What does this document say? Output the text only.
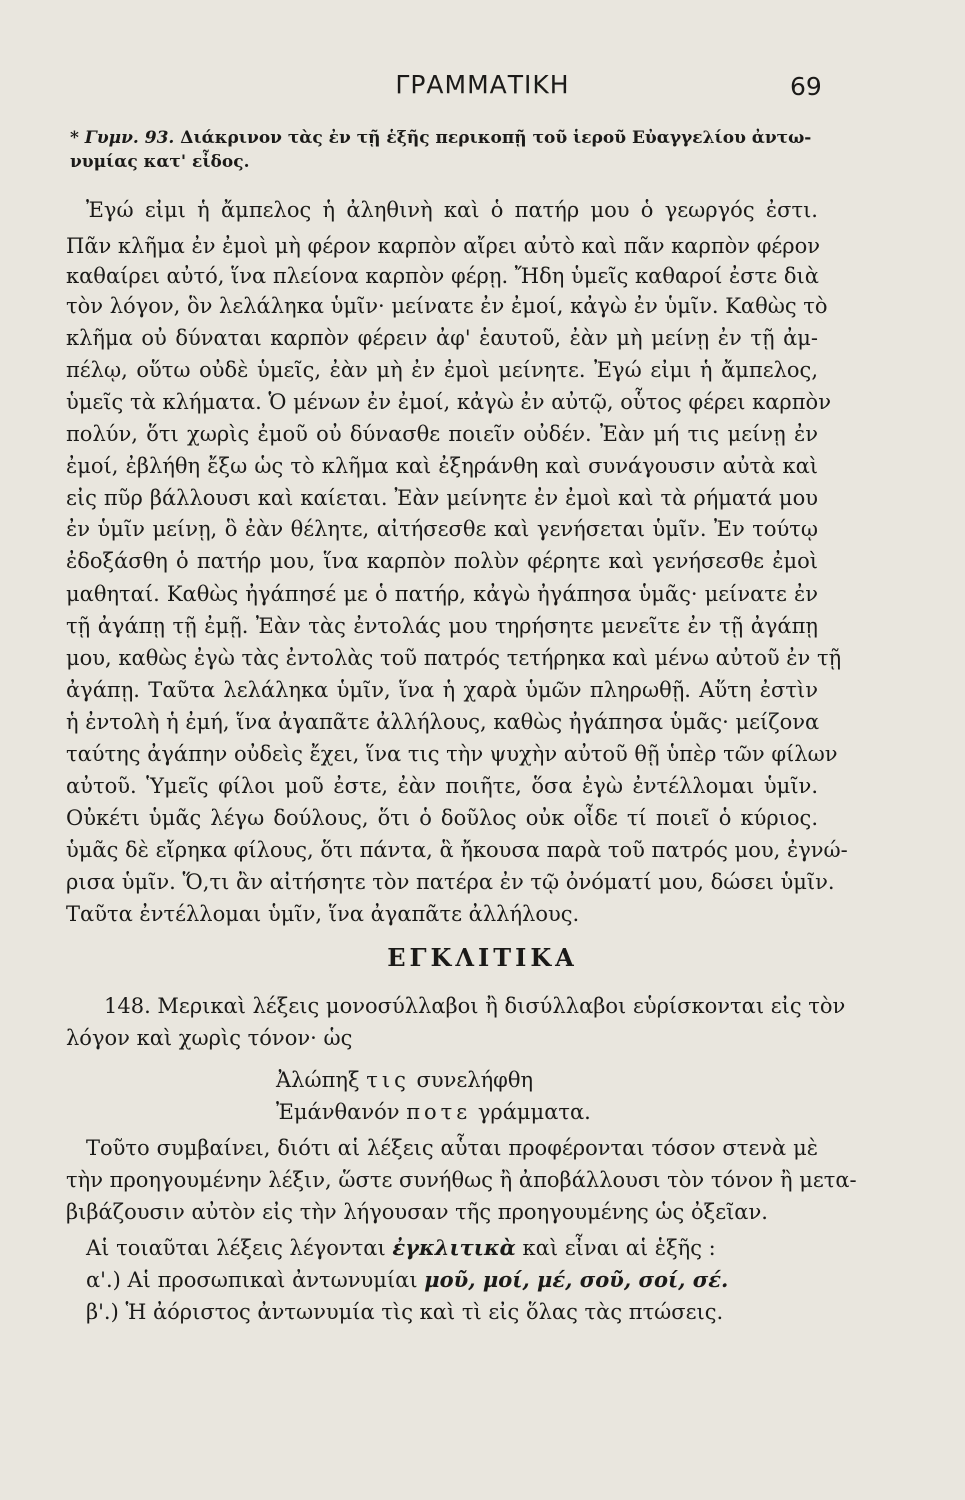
ΓΡΑΜΜΑΤΙΚΗ	69
* Γυμν. 93. Διάκρινον τὰς ἐν τῇ ἑξῆς περικοπῇ τοῦ ἱεροῦ Εὐαγγελίου ἀντω-
νυμίας κατ' εἶδος.
Ἐγώ εἰμι ἡ ἄμπελος ἡ ἀληθινὴ καὶ ὁ πατήρ μου ὁ γεωργός ἐστι.
Πᾶν κλῆμα ἐν ἐμοὶ μὴ φέρον καρπὸν αἴρει αὐτὸ καὶ πᾶν καρπὸν φέρον
καθαίρει αὐτό, ἵνα πλείονα καρπὸν φέρῃ. Ἤδη ὑμεῖς καθαροί ἐστε διὰ
τὸν λόγον, ὃν λελάληκα ὑμῖν· μείνατε ἐν ἐμοί, κἀγὼ ἐν ὑμῖν. Καθὼς τὸ
κλῆμα οὐ δύναται καρπὸν φέρειν ἀφ' ἑαυτοῦ, ἐὰν μὴ μείνῃ ἐν τῇ ἀμ-
πέλῳ, οὕτω οὐδὲ ὑμεῖς, ἐὰν μὴ ἐν ἐμοὶ μείνητε. Ἐγώ εἰμι ἡ ἄμπελος,
ὑμεῖς τὰ κλήματα. Ὁ μένων ἐν ἐμοί, κἀγὼ ἐν αὐτῷ, οὗτος φέρει καρπὸν
πολύν, ὅτι χωρὶς ἐμοῦ οὐ δύνασθε ποιεῖν οὐδέν. Ἐὰν μή τις μείνῃ ἐν
ἐμοί, ἐβλήθη ἔξω ὡς τὸ κλῆμα καὶ ἐξηράνθη καὶ συνάγουσιν αὐτὰ καὶ
εἰς πῦρ βάλλουσι καὶ καίεται. Ἐὰν μείνητε ἐν ἐμοὶ καὶ τὰ ρήματά μου
ἐν ὑμῖν μείνῃ, ὃ ἐὰν θέλητε, αἰτήσεσθε καὶ γενήσεται ὑμῖν. Ἐν τούτῳ
ἐδοξάσθη ὁ πατήρ μου, ἵνα καρπὸν πολὺν φέρητε καὶ γενήσεσθε ἐμοὶ
μαθηταί. Καθὼς ἠγάπησέ με ὁ πατήρ, κἀγὼ ἠγάπησα ὑμᾶς· μείνατε ἐν
τῇ ἀγάπῃ τῇ ἐμῇ. Ἐὰν τὰς ἐντολάς μου τηρήσητε μενεῖτε ἐν τῇ ἀγάπῃ
μου, καθὼς ἐγὼ τὰς ἐντολὰς τοῦ πατρός τετήρηκα καὶ μένω αὐτοῦ ἐν τῇ
ἀγάπῃ. Ταῦτα λελάληκα ὑμῖν, ἵνα ἡ χαρὰ ὑμῶν πληρωθῇ. Αὕτη ἐστὶν
ἡ ἐντολὴ ἡ ἐμή, ἵνα ἀγαπᾶτε ἀλλήλους, καθὼς ἠγάπησα ὑμᾶς· μείζονα
ταύτης ἀγάπην οὐδεὶς ἔχει, ἵνα τις τὴν ψυχὴν αὐτοῦ θῇ ὑπὲρ τῶν φίλων
αὐτοῦ. Ὑμεῖς φίλοι μοῦ ἐστε, ἐὰν ποιῆτε, ὅσα ἐγὼ ἐντέλλομαι ὑμῖν.
Οὐκέτι ὑμᾶς λέγω δούλους, ὅτι ὁ δοῦλος οὐκ οἶδε τί ποιεῖ ὁ κύριος.
ὑμᾶς δὲ εἴρηκα φίλους, ὅτι πάντα, ἃ ἤκουσα παρὰ τοῦ πατρός μου, ἐγνώ-
ρισα ὑμῖν. Ὅ,τι ἂν αἰτήσητε τὸν πατέρα ἐν τῷ ὀνόματί μου, δώσει ὑμῖν.
Ταῦτα ἐντέλλομαι ὑμῖν, ἵνα ἀγαπᾶτε ἀλλήλους.
ΕΓΚΛΙΤΙΚΑ
148. Μερικαὶ λέξεις μονοσύλλαβοι ἢ δισύλλαβοι εὑρίσκονται εἰς τὸν
λόγον καὶ χωρὶς τόνον· ὡς
Ἀλώπηξ τις συνελήφθη
Ἐμάνθανόν ποτε γράμματα.
Τοῦτο συμβαίνει, διότι αἱ λέξεις αὗται προφέρονται τόσον στενὰ μὲ
τὴν προηγουμένην λέξιν, ὥστε συνήθως ἢ ἀποβάλλουσι τὸν τόνον ἢ μετα-
βιβάζουσιν αὐτὸν εἰς τὴν λήγουσαν τῆς προηγουμένης ὡς ὀξεῖαν.
Αἱ τοιαῦται λέξεις λέγονται ἐγκλιτικὰ καὶ εἶναι αἱ ἑξῆς :
α'.) Αἱ προσωπικαὶ ἀντωνυμίαι μοῦ, μοί, μέ, σοῦ, σοί, σέ.
β'.) Ἡ ἀόριστος ἀντωνυμία τὶς καὶ τὶ εἰς ὅλας τὰς πτώσεις.
